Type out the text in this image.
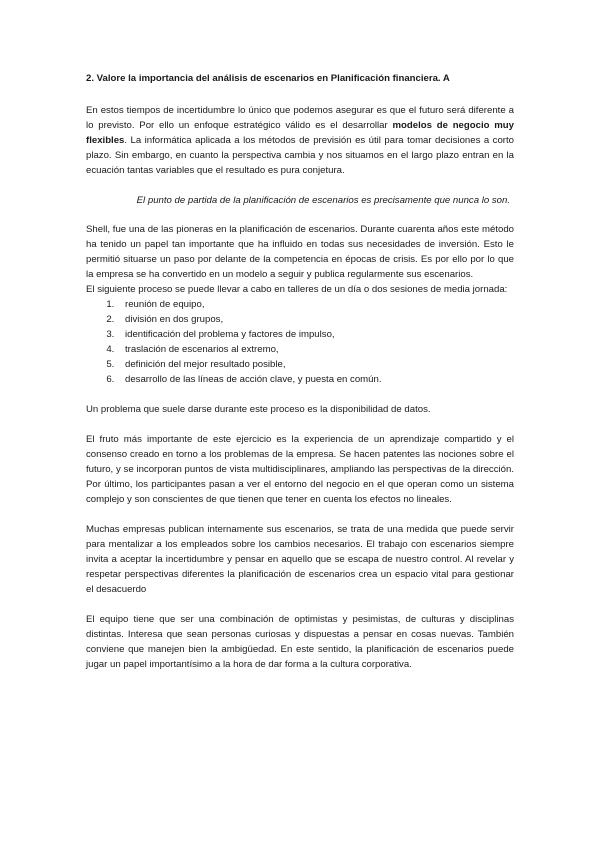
2. Valore la importancia del análisis de escenarios en Planificación financiera. A

En estos tiempos de incertidumbre lo único que podemos asegurar es que el futuro será diferente a lo previsto. Por ello un enfoque estratégico válido es el desarrollar modelos de negocio muy flexibles. La informática aplicada a los métodos de previsión es útil para tomar decisiones a corto plazo. Sin embargo, en cuanto la perspectiva cambia y nos situamos en el largo plazo entran en la ecuación tantas variables que el resultado es pura conjetura.

El punto de partida de la planificación de escenarios es precisamente que nunca lo son.

Shell, fue una de las pioneras en la planificación de escenarios. Durante cuarenta años este método ha tenido un papel tan importante que ha influido en todas sus necesidades de inversión. Esto le permitió situarse un paso por delante de la competencia en épocas de crisis. Es por ello por lo que la empresa se ha convertido en un modelo a seguir y publica regularmente sus escenarios.

El siguiente proceso se puede llevar a cabo en talleres de un día o dos sesiones de media jornada:

1. reunión de equipo,
2. división en dos grupos,
3. identificación del problema y factores de impulso,
4. traslación de escenarios al extremo,
5. definición del mejor resultado posible,
6. desarrollo de las líneas de acción clave, y puesta en común.

Un problema que suele darse durante este proceso es la disponibilidad de datos.

El fruto más importante de este ejercicio es la experiencia de un aprendizaje compartido y el consenso creado en torno a los problemas de la empresa. Se hacen patentes las nociones sobre el futuro, y se incorporan puntos de vista multidisciplinares, ampliando las perspectivas de la dirección. Por último, los participantes pasan a ver el entorno del negocio en el que operan como un sistema complejo y son conscientes de que tienen que tener en cuenta los efectos no lineales.

Muchas empresas publican internamente sus escenarios, se trata de una medida que puede servir para mentalizar a los empleados sobre los cambios necesarios. El trabajo con escenarios siempre invita a aceptar la incertidumbre y pensar en aquello que se escapa de nuestro control. Al revelar y respetar perspectivas diferentes la planificación de escenarios crea un espacio vital para gestionar el desacuerdo

El equipo tiene que ser una combinación de optimistas y pesimistas, de culturas y disciplinas distintas. Interesa que sean personas curiosas y dispuestas a pensar en cosas nuevas. También conviene que manejen bien la ambigüedad. En este sentido, la planificación de escenarios puede jugar un papel importantísimo a la hora de dar forma a la cultura corporativa.
